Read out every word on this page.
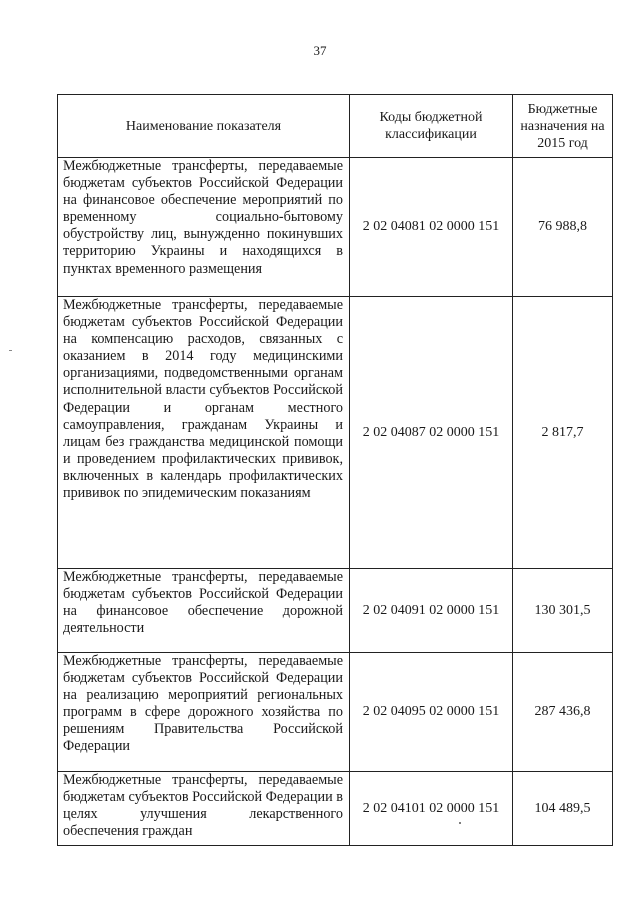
37
Наименование показателя	Коды бюджетной классификации	Бюджетные назначения на 2015 год
Межбюджетные трансферты, передаваемые бюджетам субъектов Российской Федерации на финансовое обеспечение мероприятий по временному социально-бытовому обустройству лиц, вынужденно покинувших территорию Украины и находящихся в пунктах временного размещения	2 02 04081 02 0000 151	76 988,8
Межбюджетные трансферты, передаваемые бюджетам субъектов Российской Федерации на компенсацию расходов, связанных с оказанием в 2014 году медицинскими организациями, подведомственными органам исполнительной власти субъектов Российской Федерации и органам местного самоуправления, гражданам Украины и лицам без гражданства медицинской помощи и проведением профилактических прививок, включенных в календарь профилактических прививок по эпидемическим показаниям	2 02 04087 02 0000 151	2 817,7
Межбюджетные трансферты, передаваемые бюджетам субъектов Российской Федерации на финансовое обеспечение дорожной деятельности	2 02 04091 02 0000 151	130 301,5
Межбюджетные трансферты, передаваемые бюджетам субъектов Российской Федерации на реализацию мероприятий региональных программ в сфере дорожного хозяйства по решениям Правительства Российской Федерации	2 02 04095 02 0000 151	287 436,8
Межбюджетные трансферты, передаваемые бюджетам субъектов Российской Федерации в целях улучшения лекарственного обеспечения граждан	2 02 04101 02 0000 151	104 489,5
